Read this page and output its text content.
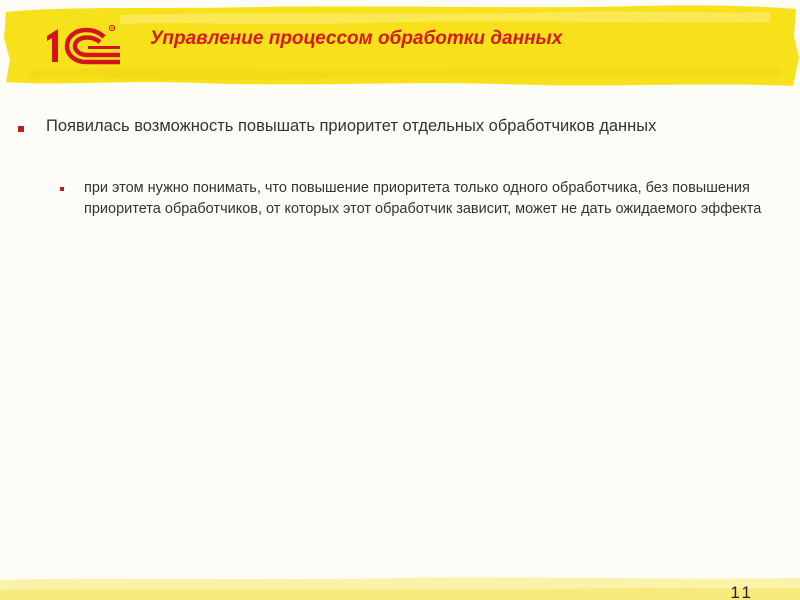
R Управление процессом обработки данных
Появилась возможность повышать приоритет отдельных обработчиков данных
при этом нужно понимать, что повышение приоритета только одного обработчика, без повышения приоритета обработчиков, от которых этот обработчик зависит, может не дать ожидаемого эффекта
11
